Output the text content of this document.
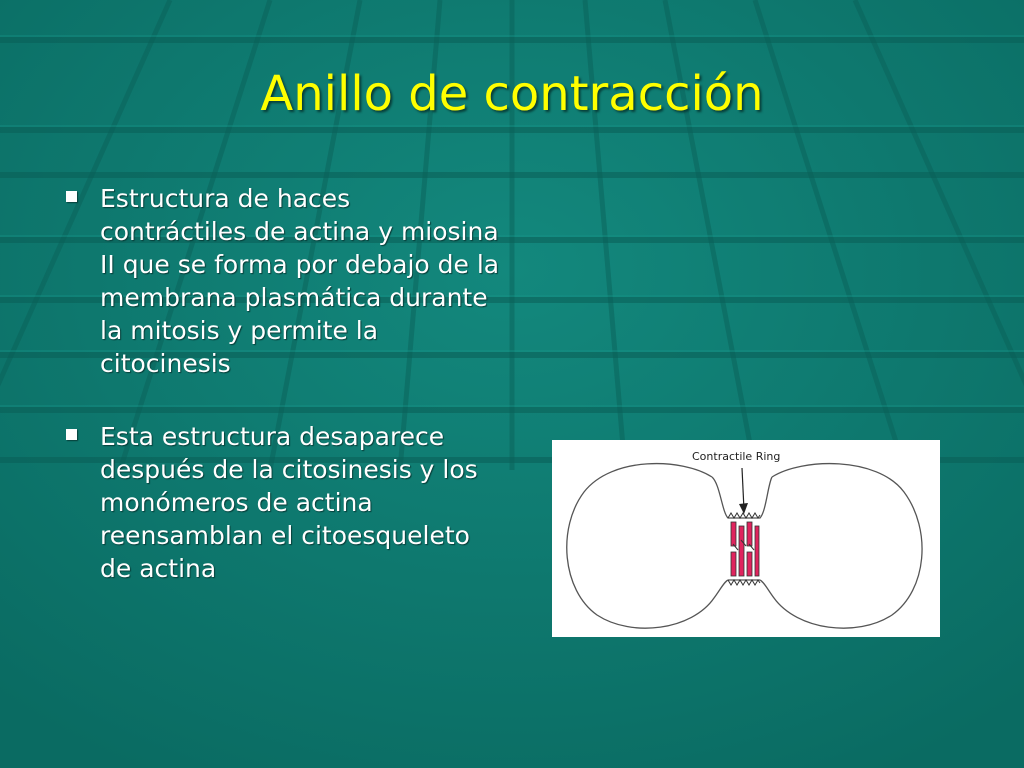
Anillo de contracción
Estructura de haces contráctiles de actina y miosina II que se forma por debajo de la membrana plasmática durante la mitosis y permite la citocinesis
Esta estructura desaparece después de la citosinesis y los monómeros de actina reensamblan el citoesqueleto de actina
Contractile Ring
